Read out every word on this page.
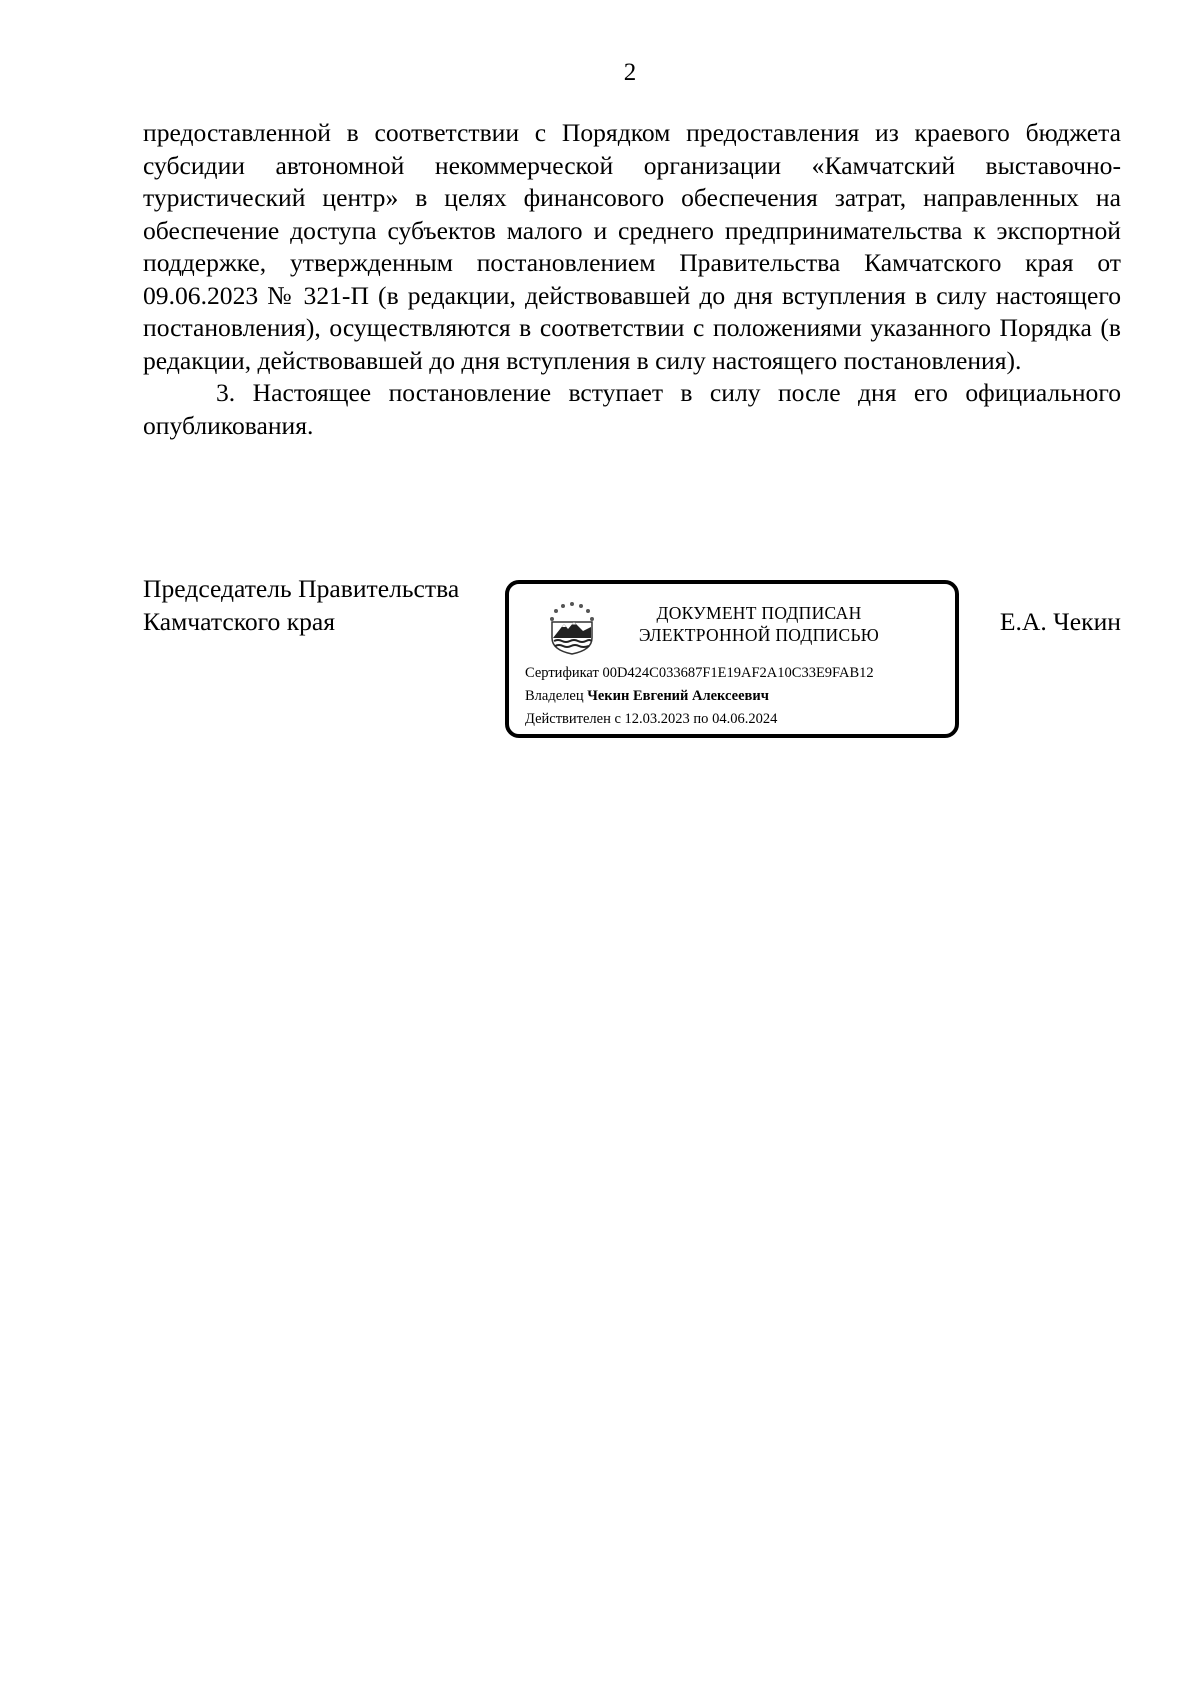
2

предоставленной в соответствии с Порядком предоставления из краевого бюджета субсидии автономной некоммерческой организации «Камчатский выставочно-туристический центр» в целях финансового обеспечения затрат, направленных на обеспечение доступа субъектов малого и среднего предпринимательства к экспортной поддержке, утвержденным постановлением Правительства Камчатского края от 09.06.2023 № 321-П (в редакции, действовавшей до дня вступления в силу настоящего постановления), осуществляются в соответствии с положениями указанного Порядка (в редакции, действовавшей до дня вступления в силу настоящего постановления).

3. Настоящее постановление вступает в силу после дня его официального опубликования.

Председатель Правительства
Камчатского края	Е.А. Чекин
ДОКУМЕНТ ПОДПИСАН
ЭЛЕКТРОННОЙ ПОДПИСЬЮ
Сертификат 00D424C033687F1E19AF2A10C33E9FAB12
Владелец Чекин Евгений Алексеевич
Действителен с 12.03.2023 по 04.06.2024
